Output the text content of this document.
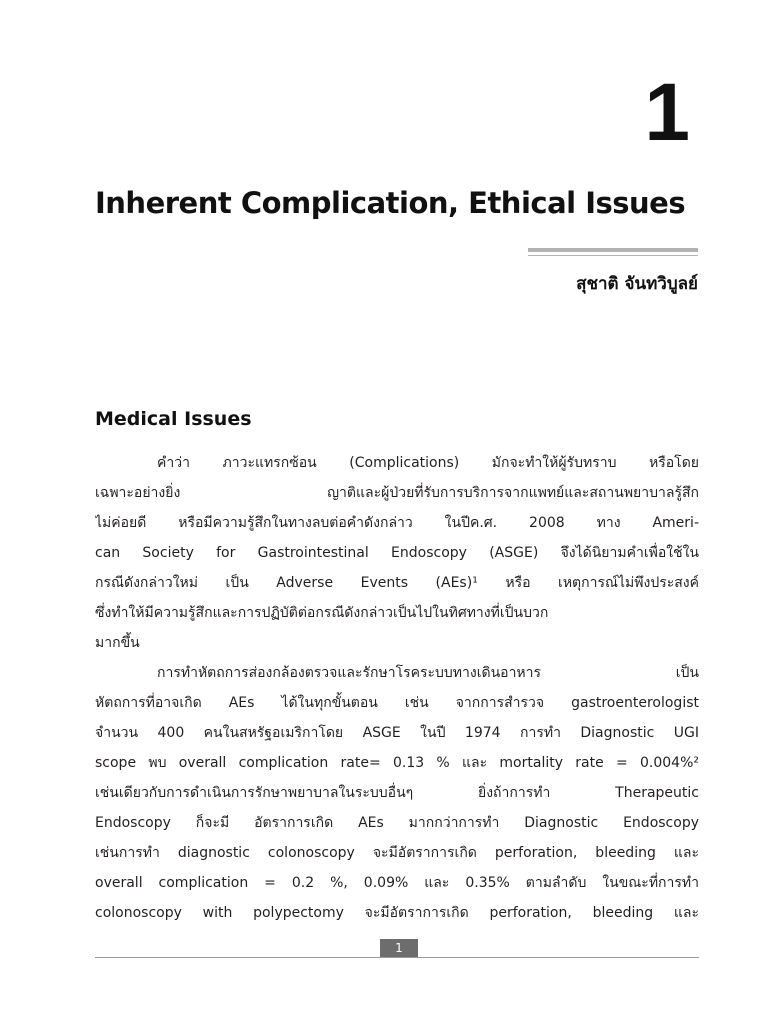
1
Inherent Complication, Ethical Issues
สุชาติ จันทวิบูลย์
Medical Issues
คำว่า ภาวะแทรกซ้อน (Complications) มักจะทำให้ผู้รับทราบ หรือโดย
เฉพาะอย่างยิ่ง ญาติและผู้ป่วยที่รับการบริการจากแพทย์และสถานพยาบาลรู้สึก
ไม่ค่อยดี หรือมีความรู้สึกในทางลบต่อคำดังกล่าว ในปีค.ศ. 2008 ทาง Ameri-
can Society for Gastrointestinal Endoscopy (ASGE) จึงได้นิยามคำเพื่อใช้ใน
กรณีดังกล่าวใหม่ เป็น Adverse Events (AEs)¹ หรือ เหตุการณ์ไม่พึงประสงค์
ซึ่งทำให้มีความรู้สึกและการปฏิบัติต่อกรณีดังกล่าวเป็นไปในทิศทางที่เป็นบวก
มากขึ้น
การทำหัตถการส่องกล้องตรวจและรักษาโรคระบบทางเดินอาหาร เป็น
หัตถการที่อาจเกิด AEs ได้ในทุกขั้นตอน เช่น จากการสำรวจ gastroenterologist
จำนวน 400 คนในสหรัฐอเมริกาโดย ASGE ในปี 1974 การทำ Diagnostic UGI
scope พบ overall complication rate= 0.13 % และ mortality rate = 0.004%²
เช่นเดียวกับการดำเนินการรักษาพยาบาลในระบบอื่นๆ ยิ่งถ้าการทำ Therapeutic
Endoscopy ก็จะมี อัตราการเกิด AEs มากกว่าการทำ Diagnostic Endoscopy
เช่นการทำ diagnostic colonoscopy จะมีอัตราการเกิด perforation, bleeding และ
overall complication = 0.2 %, 0.09% และ 0.35% ตามลำดับ ในขณะที่การทำ
colonoscopy with polypectomy จะมีอัตราการเกิด perforation, bleeding และ
1
